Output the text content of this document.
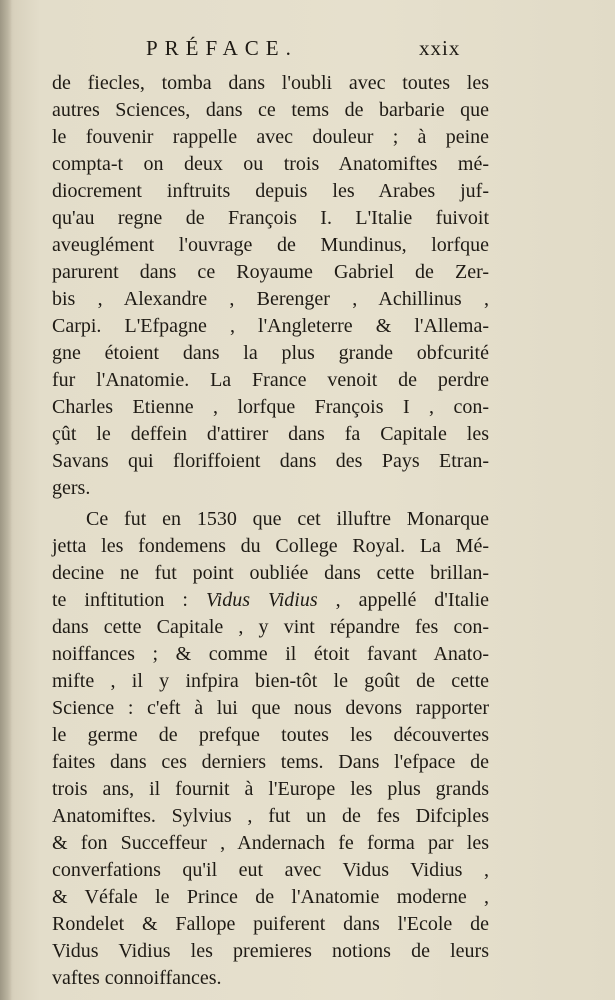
PRÉFACE.	xxix
de fiecles, tomba dans l'oubli avec toutes les
autres Sciences, dans ce tems de barbarie que
le fouvenir rappelle avec douleur ; à peine
compta-t on deux ou trois Anatomiftes mé-
diocrement inftruits depuis les Arabes juf-
qu'au regne de François I. L'Italie fuivoit
aveuglément l'ouvrage de Mundinus, lorfque
parurent dans ce Royaume Gabriel de Zer-
bis , Alexandre , Berenger , Achillinus ,
Carpi. L'Efpagne , l'Angleterre & l'Allema-
gne étoient dans la plus grande obfcurité
fur l'Anatomie. La France venoit de perdre
Charles Etienne , lorfque François I , con-
çût le deffein d'attirer dans fa Capitale les
Savans qui floriffoient dans des Pays Etran-
gers.
Ce fut en 1530 que cet illuftre Monarque
jetta les fondemens du College Royal. La Mé-
decine ne fut point oubliée dans cette brillan-
te inftitution : Vidus Vidius , appellé d'Italie
dans cette Capitale , y vint répandre fes con-
noiffances ; & comme il étoit favant Anato-
mifte , il y infpira bien-tôt le goût de cette
Science : c'eft à lui que nous devons rapporter
le germe de prefque toutes les découvertes
faites dans ces derniers tems. Dans l'efpace de
trois ans, il fournit à l'Europe les plus grands
Anatomiftes. Sylvius , fut un de fes Difciples
& fon Succeffeur , Andernach fe forma par les
converfations qu'il eut avec Vidus Vidius ,
& Véfale le Prince de l'Anatomie moderne ,
Rondelet & Fallope puiferent dans l'Ecole de
Vidus Vidius les premieres notions de leurs
vaftes connoiffances.
